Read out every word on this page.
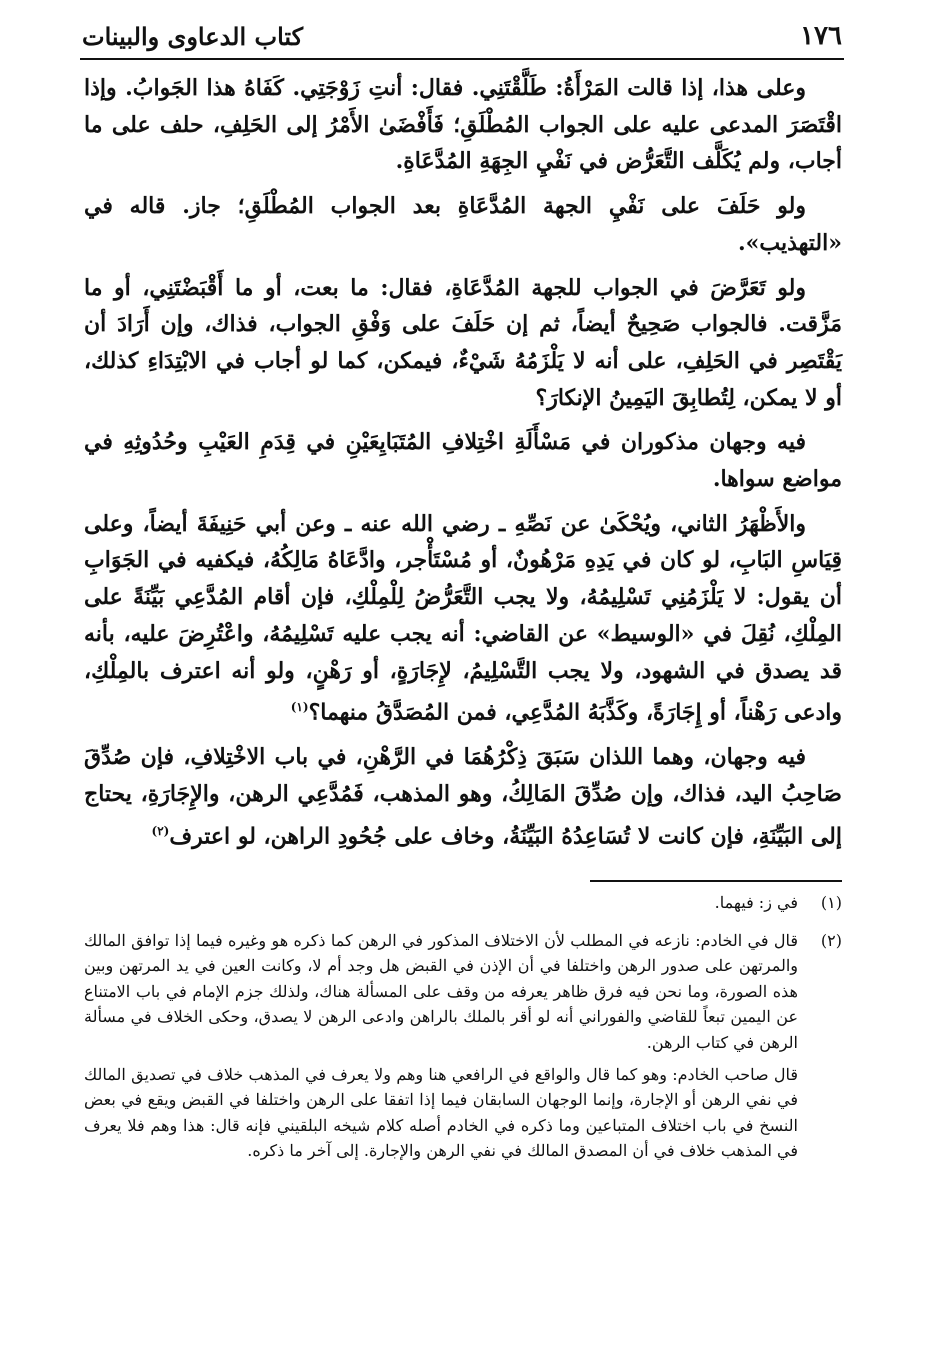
كتاب الدعاوى والبينات	١٧٦

وعلى هذا، إذا قالت المَرْأَةُ: طَلَّقْتَنِي. فقال: أنتِ زَوْجَتِي. كَفَاهُ هذا الجَوابُ. وإذا اقْتَصَرَ المدعى عليه على الجواب المُطْلَقِ؛ فَأَفْضَىٰ الأَمْرُ إلى الحَلِفِ، حلف على ما أجاب، ولم يُكَلَّف التَّعَرُّض في نَفْيِ الجِهَةِ المُدَّعَاةِ.

ولو حَلَفَ على نَفْيِ الجهة المُدَّعَاةِ بعد الجواب المُطْلَقِ؛ جاز. قاله في «التهذيب».

ولو تَعَرَّضَ في الجواب للجهة المُدَّعَاةِ، فقال: ما بعت، أو ما أَقْبَضْتَنِي، أو ما مَزَّقت. فالجواب صَحِيحٌ أيضاً، ثم إن حَلَفَ على وَفْقِ الجواب، فذاك، وإن أَرَادَ أن يَقْتَصِر في الحَلِفِ، على أنه لا يَلْزَمُهُ شَيْءٌ، فيمكن، كما لو أجاب في الابْتِدَاءِ كذلك، أو لا يمكن، لِتُطابِقَ اليَمِينُ الإنكارَ؟

فيه وجهان مذكوران في مَسْأَلَةِ اخْتِلافِ المُتَبَايِعَيْنِ في قِدَمِ العَيْبِ وحُدُوثِهِ في مواضع سواها.

والأَظْهَرُ الثاني، ويُحْكَىٰ عن نَصِّهِ ـ رضي الله عنه ـ وعن أبي حَنِيفَةَ أيضاً، وعلى قِيَاسِ البَابِ، لو كان في يَدِهِ مَرْهُونٌ، أو مُسْتَأْجر، وادَّعَاهُ مَالِكُهُ، فيكفيه في الجَوَابِ أن يقول: لا يَلْزَمُنِي تَسْلِيمُهُ، ولا يجب التَّعَرُّضُ لِلْمِلْكِ، فإن أقام المُدَّعِي بَيِّنَةً على المِلْكِ، نُقِلَ في «الوسيط» عن القاضي: أنه يجب عليه تَسْلِيمُهُ، واعْتُرِضَ عليه، بأنه قد يصدق في الشهود، ولا يجب التَّسْلِيمُ، لإِجَارَةٍ، أو رَهْنٍ، ولو أنه اعترف بالمِلْكِ، وادعى رَهْناً، أو إِجَارَةً، وكَذَّبَهُ المُدَّعِي، فمن المُصَدَّقُ منهما؟$^{(١)}$

فيه وجهان، وهما اللذان سَبَقَ ذِكْرُهُمَا في الرَّهْنِ، في باب الاخْتِلافِ، فإن صُدِّقَ صَاحِبُ اليد، فذاك، وإن صُدِّقَ المَالِكُ، وهو المذهب، فَمُدَّعِي الرهن، والإِجَارَةِ، يحتاج إلى البَيِّنَةِ، فإن كانت لا تُسَاعِدُهُ البَيِّنَةُ، وخاف على جُحُودِ الراهن، لو اعترف$^{(٢)}$

(١)

في ز: فيهما.

(٢)

قال في الخادم: نازعه في المطلب لأن الاختلاف المذكور في الرهن كما ذكره هو وغيره فيما إذا توافق المالك والمرتهن على صدور الرهن واختلفا في أن الإذن في القبض هل وجد أم لا، وكانت العين في يد المرتهن وبين هذه الصورة، وما نحن فيه فرق ظاهر يعرفه من وقف على المسألة هناك، ولذلك جزم الإمام في باب الامتناع عن اليمين تبعاً للقاضي والفوراني أنه لو أقر بالملك بالراهن وادعى الرهن لا يصدق، وحكى الخلاف في مسألة الرهن في كتاب الرهن.

قال صاحب الخادم: وهو كما قال والواقع في الرافعي هنا وهم ولا يعرف في المذهب خلاف في تصديق المالك في نفي الرهن أو الإجارة، وإنما الوجهان السابقان فيما إذا اتفقا على الرهن واختلفا في القبض ويقع في بعض النسخ في باب اختلاف المتباعين وما ذكره في الخادم أصله كلام شيخه البلقيني فإنه قال: هذا وهم فلا يعرف في المذهب خلاف في أن المصدق المالك في نفي الرهن والإجارة. إلى آخر ما ذكره.
